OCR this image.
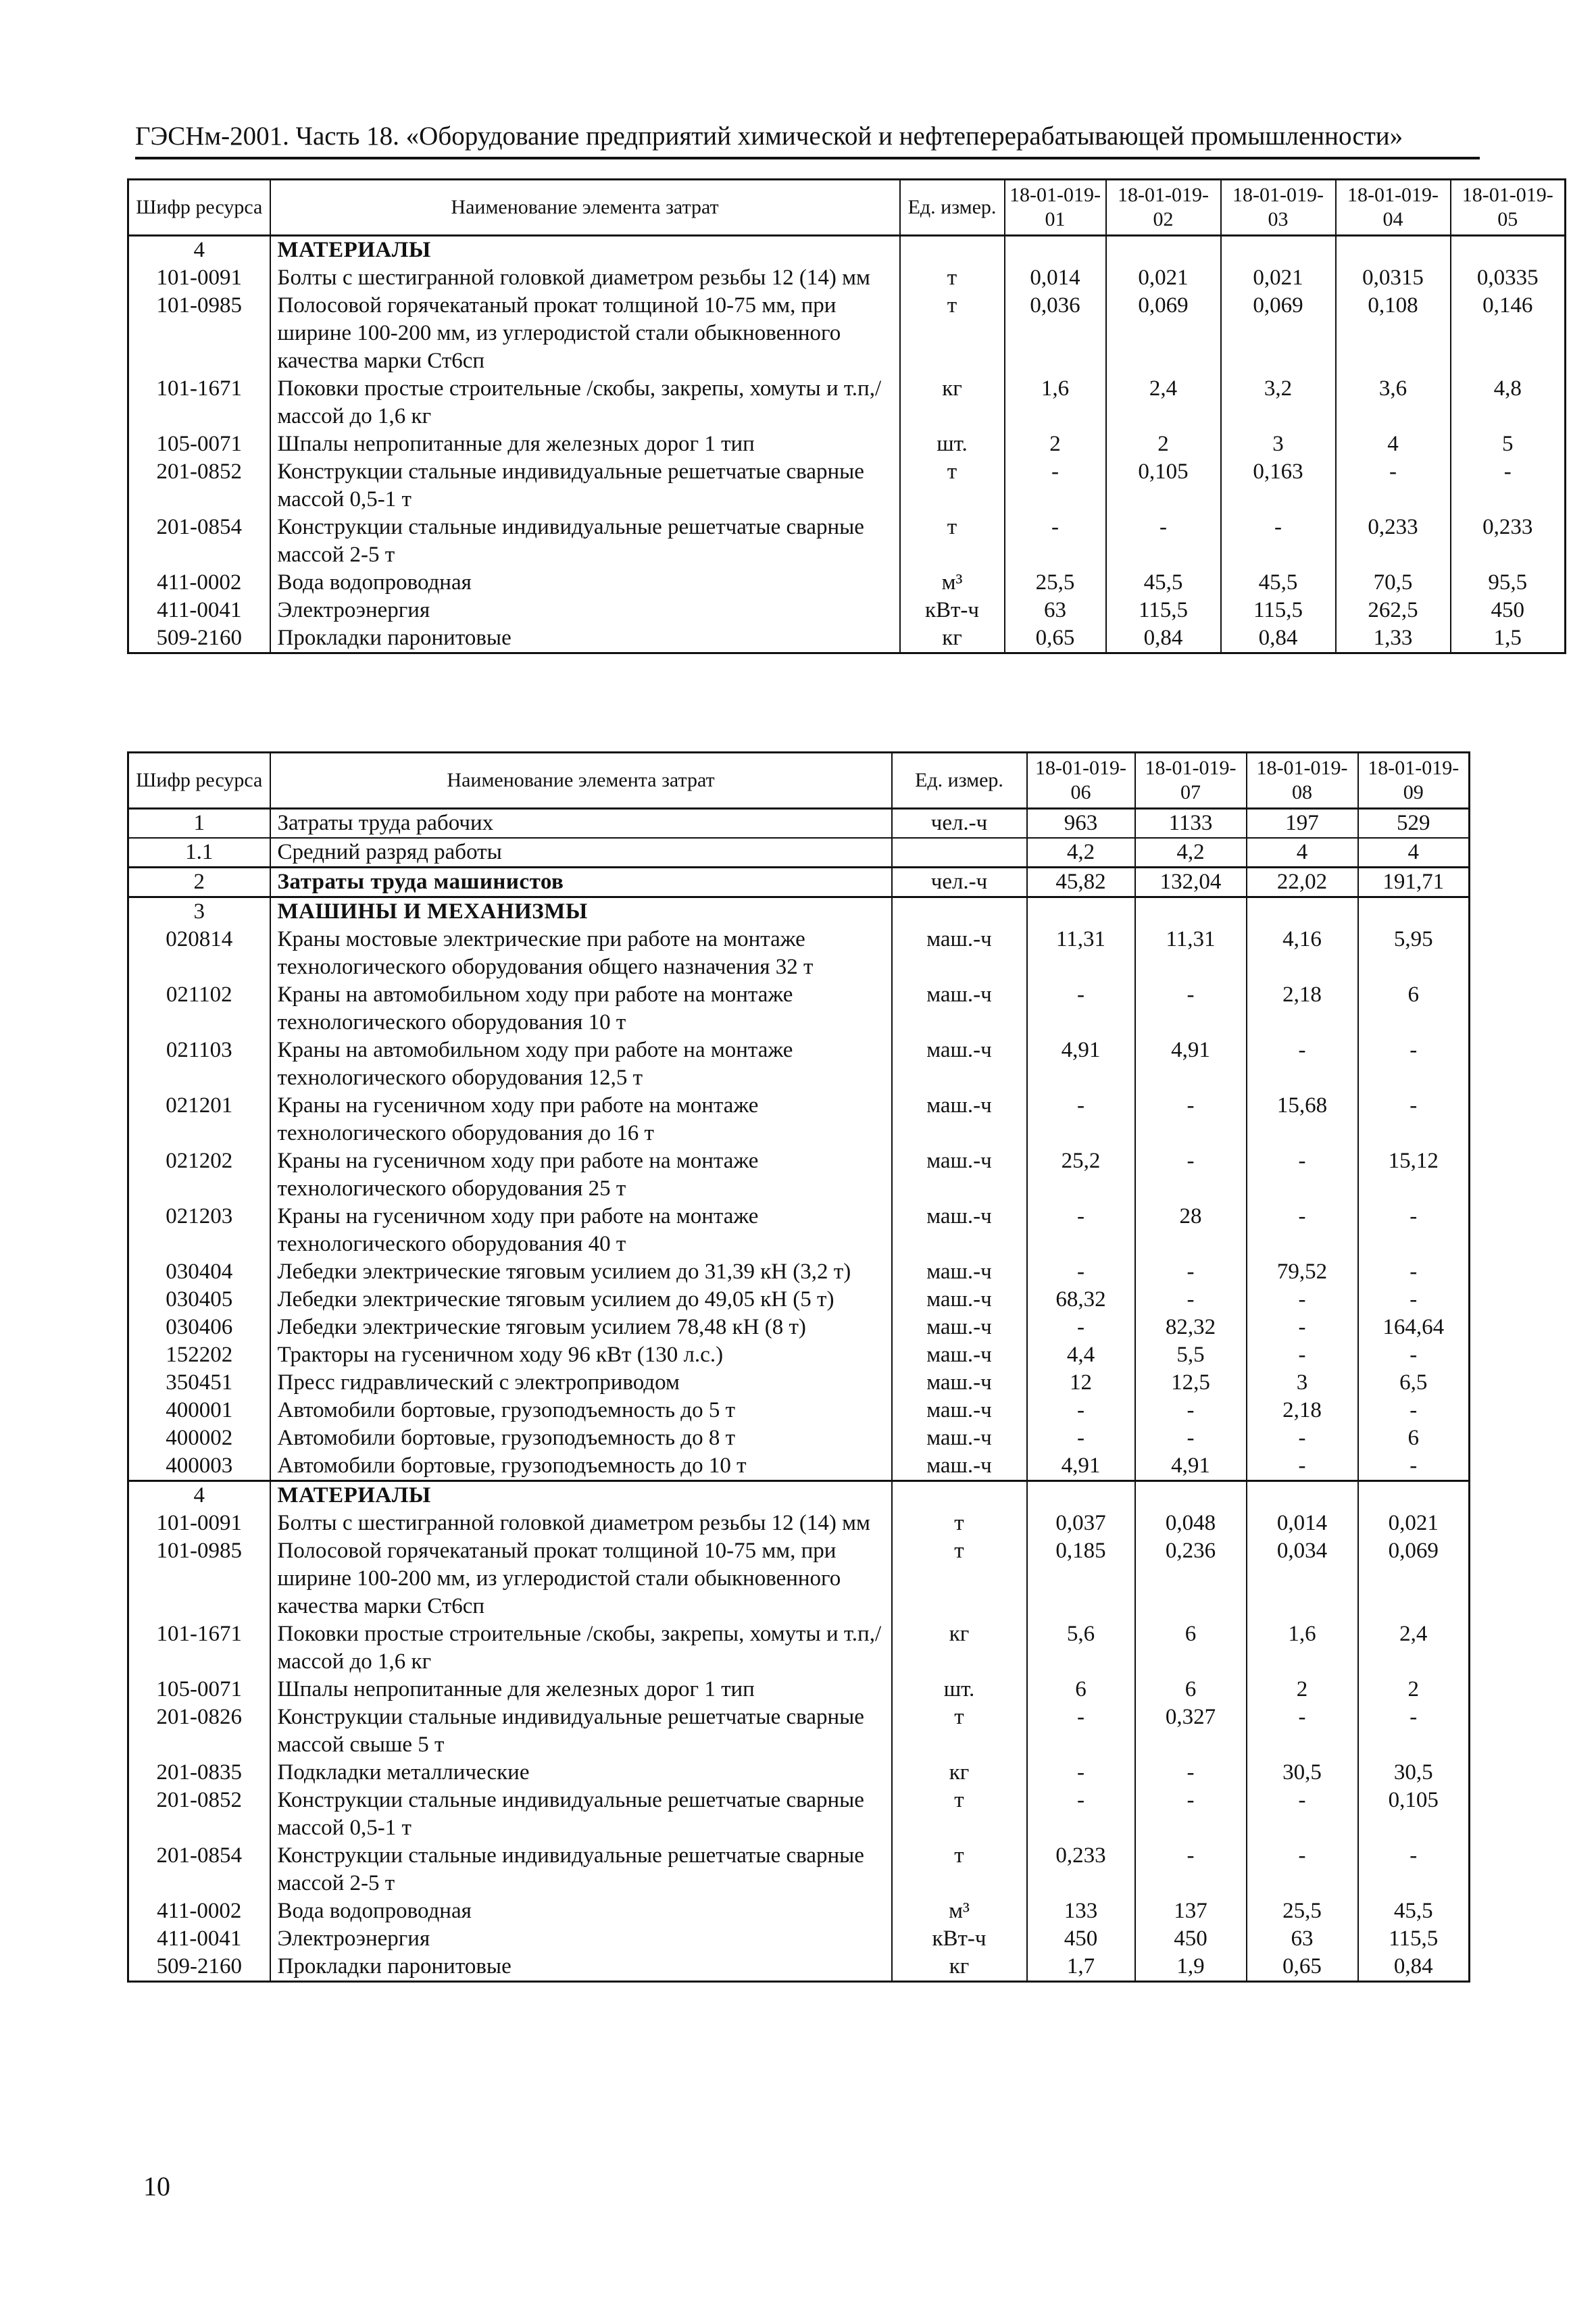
ГЭСНм-2001. Часть 18. «Оборудование предприятий химической и нефтеперерабатывающей промышленности»
Шифр ресурса	Наименование элемента затрат	Ед. измер.	18-01-019-01	18-01-019-02	18-01-019-03	18-01-019-04	18-01-019-05
4	МАТЕРИАЛЫ						
101-0091	Болты с шестигранной головкой диаметром резьбы 12 (14) мм	т	0,014	0,021	0,021	0,0315	0,0335
101-0985	Полосовой горячекатаный прокат толщиной 10-75 мм, при ширине 100-200 мм, из углеродистой стали обыкновенного качества марки Ст6сп	т	0,036	0,069	0,069	0,108	0,146
101-1671	Поковки простые строительные /скобы, закрепы, хомуты и т.п,/ массой до 1,6 кг	кг	1,6	2,4	3,2	3,6	4,8
105-0071	Шпалы непропитанные для железных дорог 1 тип	шт.	2	2	3	4	5
201-0852	Конструкции стальные индивидуальные решетчатые сварные массой 0,5-1 т	т	-	0,105	0,163	-	-
201-0854	Конструкции стальные индивидуальные решетчатые сварные массой 2-5 т	т	-	-	-	0,233	0,233
411-0002	Вода водопроводная	м³	25,5	45,5	45,5	70,5	95,5
411-0041	Электроэнергия	кВт-ч	63	115,5	115,5	262,5	450
509-2160	Прокладки паронитовые	кг	0,65	0,84	0,84	1,33	1,5
Шифр ресурса	Наименование элемента затрат	Ед. измер.	18-01-019-06	18-01-019-07	18-01-019-08	18-01-019-09
1	Затраты труда рабочих	чел.-ч	963	1133	197	529
1.1	Средний разряд работы		4,2	4,2	4	4
2	Затраты труда машинистов	чел.-ч	45,82	132,04	22,02	191,71
3	МАШИНЫ И МЕХАНИЗМЫ					
020814	Краны мостовые электрические при работе на монтаже технологического оборудования общего назначения 32 т	маш.-ч	11,31	11,31	4,16	5,95
021102	Краны на автомобильном ходу при работе на монтаже технологического оборудования 10 т	маш.-ч	-	-	2,18	6
021103	Краны на автомобильном ходу при работе на монтаже технологического оборудования 12,5 т	маш.-ч	4,91	4,91	-	-
021201	Краны на гусеничном ходу при работе на монтаже технологического оборудования до 16 т	маш.-ч	-	-	15,68	-
021202	Краны на гусеничном ходу при работе на монтаже технологического оборудования 25 т	маш.-ч	25,2	-	-	15,12
021203	Краны на гусеничном ходу при работе на монтаже технологического оборудования 40 т	маш.-ч	-	28	-	-
030404	Лебедки электрические тяговым усилием до 31,39 кН (3,2 т)	маш.-ч	-	-	79,52	-
030405	Лебедки электрические тяговым усилием до 49,05 кН (5 т)	маш.-ч	68,32	-	-	-
030406	Лебедки электрические тяговым усилием 78,48 кН (8 т)	маш.-ч	-	82,32	-	164,64
152202	Тракторы на гусеничном ходу 96 кВт (130 л.с.)	маш.-ч	4,4	5,5	-	-
350451	Пресс гидравлический с электроприводом	маш.-ч	12	12,5	3	6,5
400001	Автомобили бортовые, грузоподъемность до 5 т	маш.-ч	-	-	2,18	-
400002	Автомобили бортовые, грузоподъемность до 8 т	маш.-ч	-	-	-	6
400003	Автомобили бортовые, грузоподъемность до 10 т	маш.-ч	4,91	4,91	-	-
4	МАТЕРИАЛЫ					
101-0091	Болты с шестигранной головкой диаметром резьбы 12 (14) мм	т	0,037	0,048	0,014	0,021
101-0985	Полосовой горячекатаный прокат толщиной 10-75 мм, при ширине 100-200 мм, из углеродистой стали обыкновенного качества марки Ст6сп	т	0,185	0,236	0,034	0,069
101-1671	Поковки простые строительные /скобы, закрепы, хомуты и т.п,/ массой до 1,6 кг	кг	5,6	6	1,6	2,4
105-0071	Шпалы непропитанные для железных дорог 1 тип	шт.	6	6	2	2
201-0826	Конструкции стальные индивидуальные решетчатые сварные массой свыше 5 т	т	-	0,327	-	-
201-0835	Подкладки металлические	кг	-	-	30,5	30,5
201-0852	Конструкции стальные индивидуальные решетчатые сварные массой 0,5-1 т	т	-	-	-	0,105
201-0854	Конструкции стальные индивидуальные решетчатые сварные массой 2-5 т	т	0,233	-	-	-
411-0002	Вода водопроводная	м³	133	137	25,5	45,5
411-0041	Электроэнергия	кВт-ч	450	450	63	115,5
509-2160	Прокладки паронитовые	кг	1,7	1,9	0,65	0,84
10
